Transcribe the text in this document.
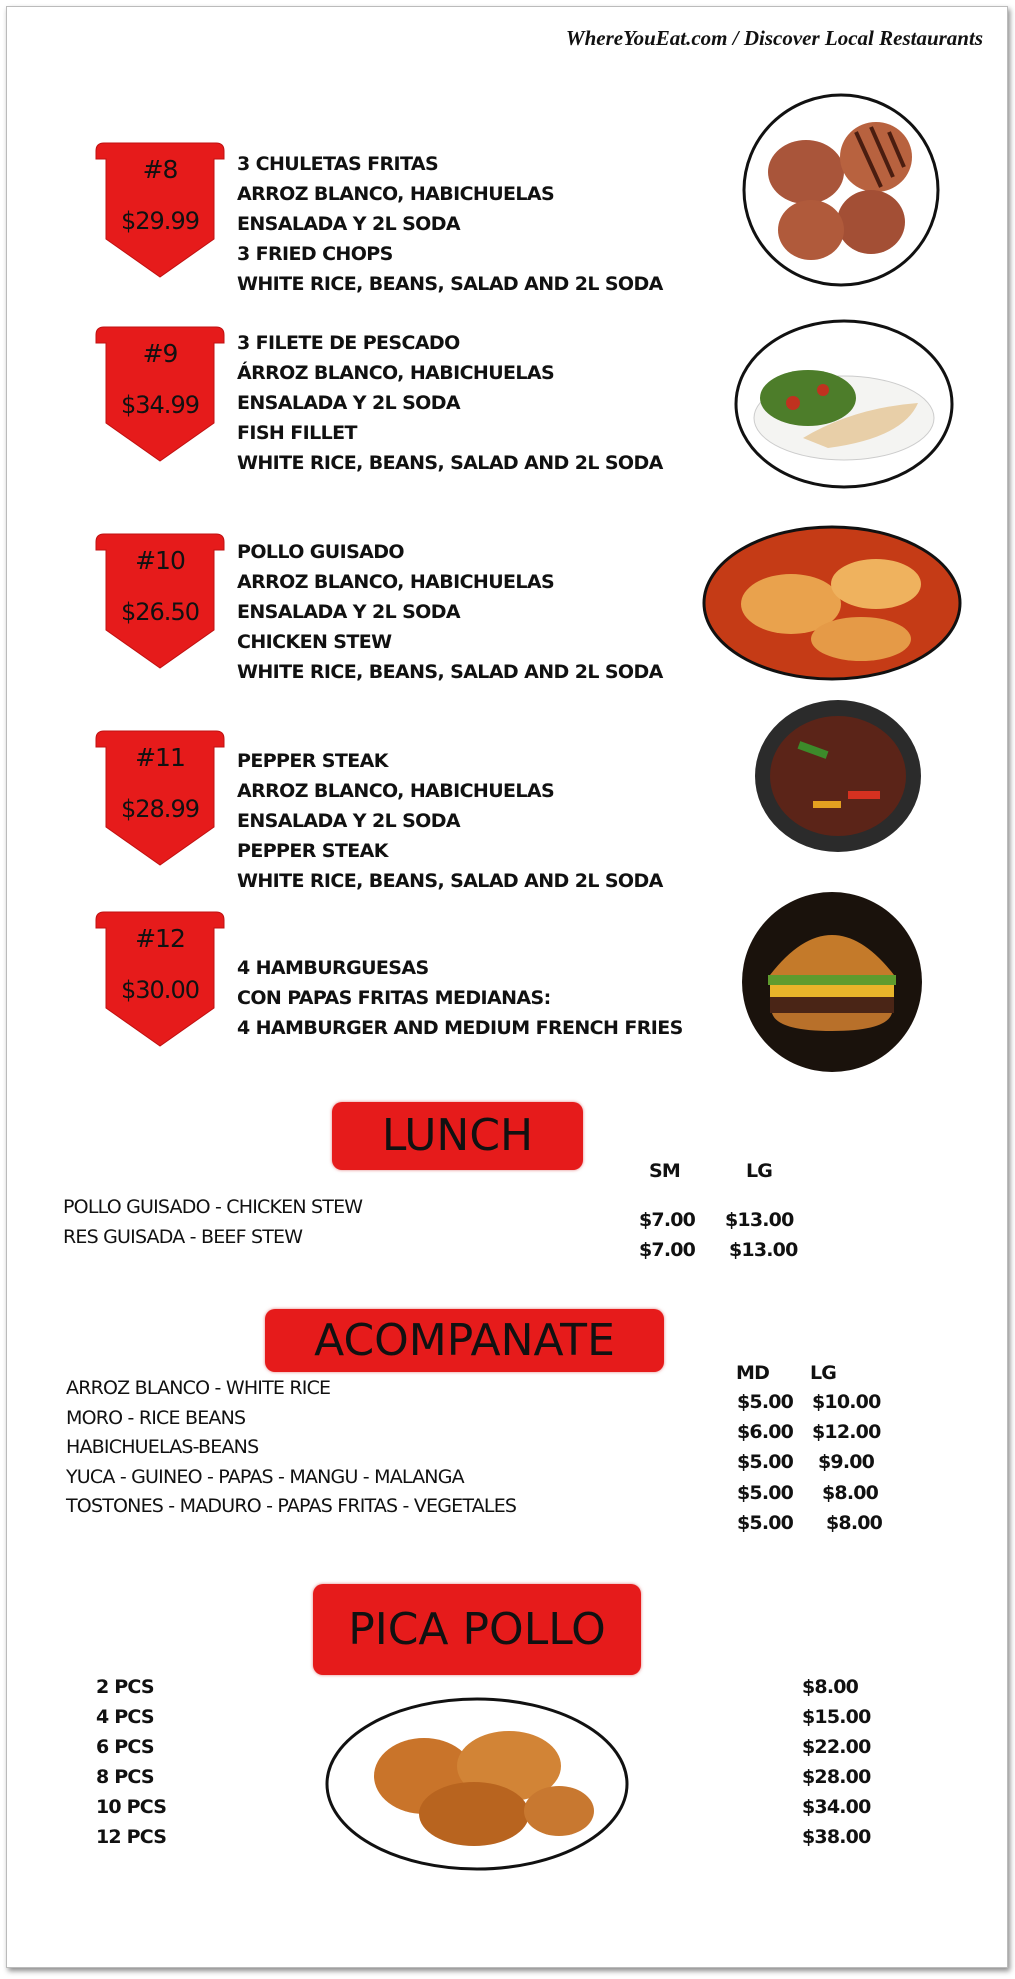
WhereYouEat.com / Discover Local Restaurants
#8
$29.99
3 CHULETAS FRITAS
ARROZ BLANCO, HABICHUELAS
ENSALADA Y 2L SODA
3 FRIED CHOPS
WHITE RICE, BEANS, SALAD AND 2L SODA
#9
$34.99
3 FILETE DE PESCADO
ÁRROZ BLANCO, HABICHUELAS
ENSALADA Y 2L SODA
FISH FILLET
WHITE RICE, BEANS, SALAD AND 2L SODA
#10
$26.50
POLLO GUISADO
ARROZ BLANCO, HABICHUELAS
ENSALADA Y 2L SODA
CHICKEN STEW
WHITE RICE, BEANS, SALAD AND 2L SODA
#11
$28.99
PEPPER STEAK
ARROZ BLANCO, HABICHUELAS
ENSALADA Y 2L SODA
PEPPER STEAK
WHITE RICE, BEANS, SALAD AND 2L SODA
#12
$30.00
4 HAMBURGUESAS
CON PAPAS FRITAS MEDIANAS:
4 HAMBURGER AND MEDIUM FRENCH FRIES
LUNCH
SM	LG
POLLO GUISADO - CHICKEN STEW
$7.00 $13.00
RES GUISADA - BEEF STEW
$7.00 $13.00
ACOMPANATE
MD LG
ARROZ BLANCO - WHITE RICE
$5.00 $10.00
MORO - RICE BEANS
$6.00 $12.00
HABICHUELAS-BEANS
$5.00 $9.00
YUCA - GUINEO - PAPAS - MANGU - MALANGA
$5.00 $8.00
TOSTONES - MADURO - PAPAS FRITAS - VEGETALES
$5.00 $8.00
PICA POLLO
2 PCS	$8.00
4 PCS	$15.00
6 PCS	$22.00
8 PCS	$28.00
10 PCS	$34.00
12 PCS	$38.00
